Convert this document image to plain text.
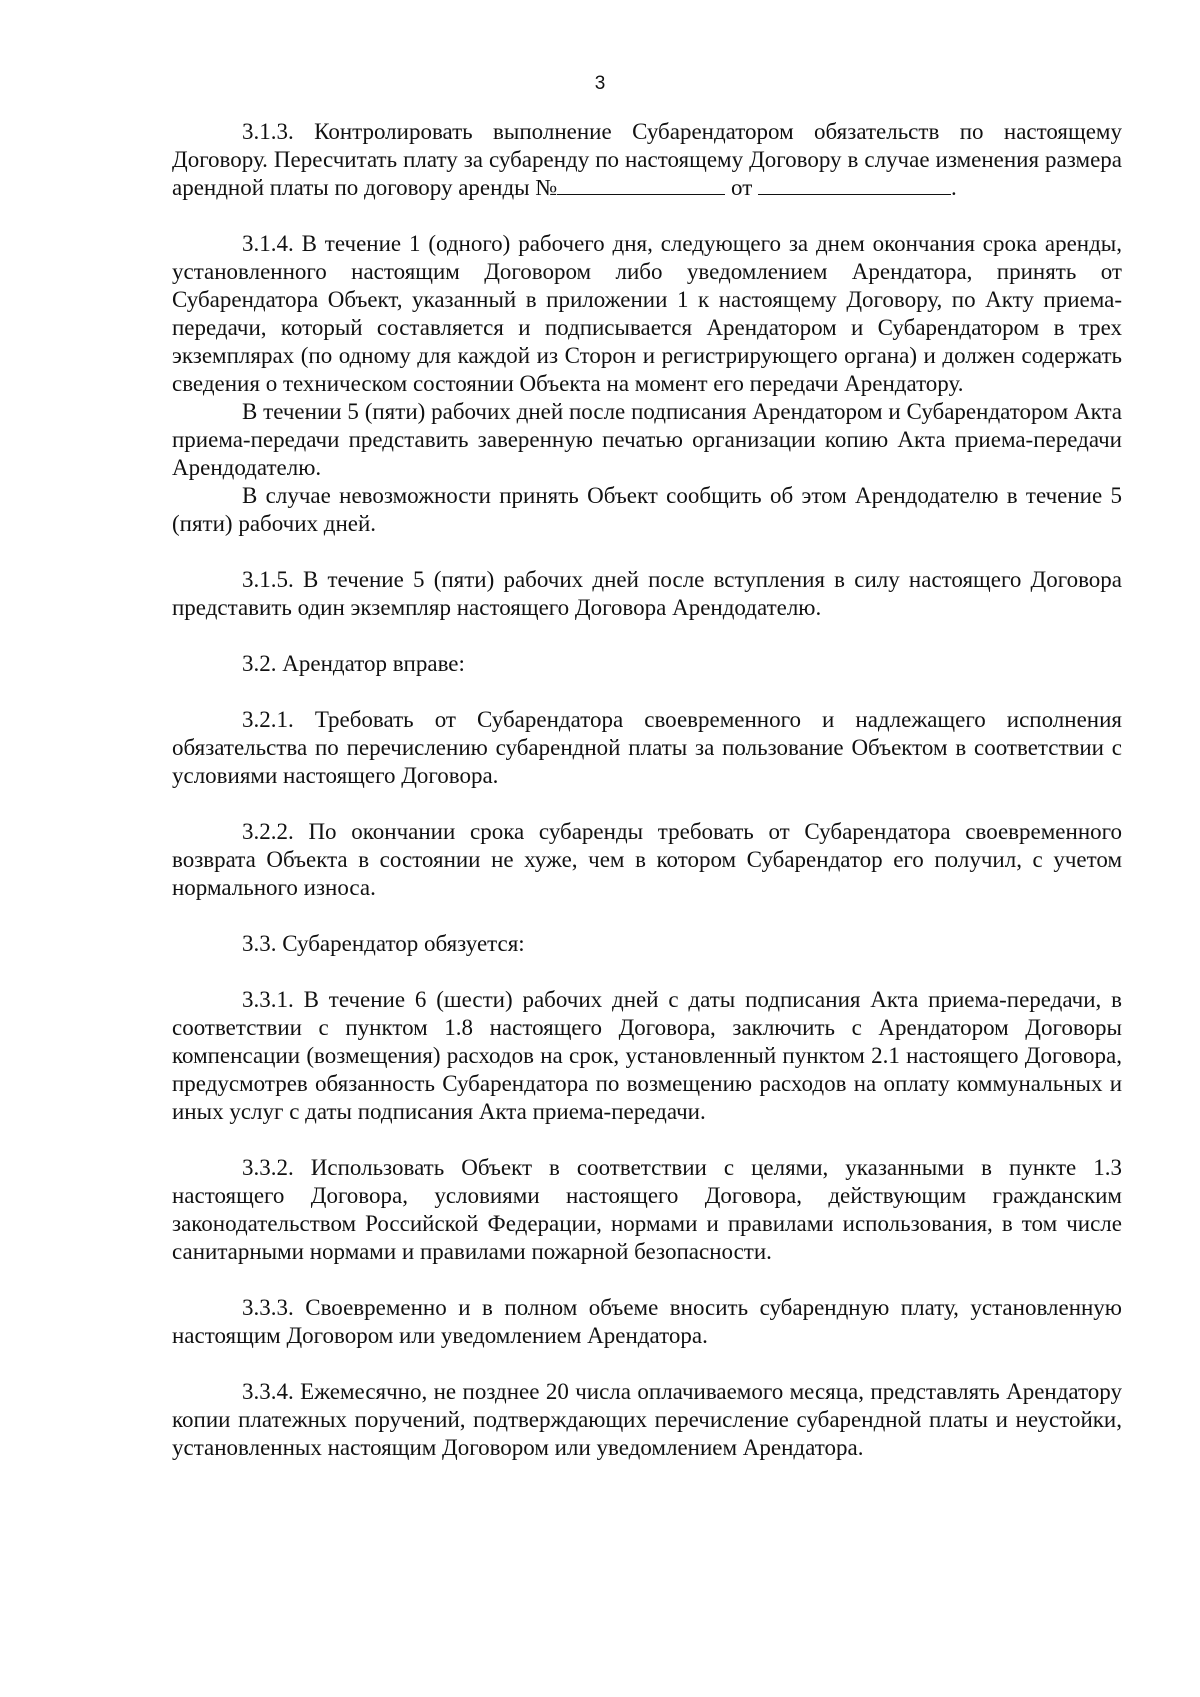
3

3.1.3. Контролировать выполнение Субарендатором обязательств по настоящему Договору. Пересчитать плату за субаренду по настоящему Договору в случае изменения размера арендной платы по договору аренды №	от	.

3.1.4. В течение 1 (одного) рабочего дня, следующего за днем окончания срока аренды, установленного настоящим Договором либо уведомлением Арендатора, принять от Субарендатора Объект, указанный в приложении 1 к настоящему Договору, по Акту приема-передачи, который составляется и подписывается Арендатором и Субарендатором в трех экземплярах (по одному для каждой из Сторон и регистрирующего органа) и должен содержать сведения о техническом состоянии Объекта на момент его передачи Арендатору.

В течении 5 (пяти) рабочих дней после подписания Арендатором и Субарендатором Акта приема-передачи представить заверенную печатью организации копию Акта приема-передачи Арендодателю.

В случае невозможности принять Объект сообщить об этом Арендодателю в течение 5 (пяти) рабочих дней.

3.1.5. В течение 5 (пяти) рабочих дней после вступления в силу настоящего Договора представить один экземпляр настоящего Договора Арендодателю.

3.2. Арендатор вправе:

3.2.1. Требовать от Субарендатора своевременного и надлежащего исполнения обязательства по перечислению субарендной платы за пользование Объектом в соответствии с условиями настоящего Договора.

3.2.2. По окончании срока субаренды требовать от Субарендатора своевременного возврата Объекта в состоянии не хуже, чем в котором Субарендатор его получил, с учетом нормального износа.

3.3. Субарендатор обязуется:

3.3.1. В течение 6 (шести) рабочих дней с даты подписания Акта приема-передачи, в соответствии с пунктом 1.8 настоящего Договора, заключить с Арендатором Договоры компенсации (возмещения) расходов на срок, установленный пунктом 2.1 настоящего Договора, предусмотрев обязанность Субарендатора по возмещению расходов на оплату коммунальных и иных услуг с даты подписания Акта приема-передачи.

3.3.2. Использовать Объект в соответствии с целями, указанными в пункте 1.3 настоящего Договора, условиями настоящего Договора, действующим гражданским законодательством Российской Федерации, нормами и правилами использования, в том числе санитарными нормами и правилами пожарной безопасности.

3.3.3. Своевременно и в полном объеме вносить субарендную плату, установленную настоящим Договором или уведомлением Арендатора.

3.3.4. Ежемесячно, не позднее 20 числа оплачиваемого месяца, представлять Арендатору копии платежных поручений, подтверждающих перечисление субарендной платы и неустойки, установленных настоящим Договором или уведомлением Арендатора.
